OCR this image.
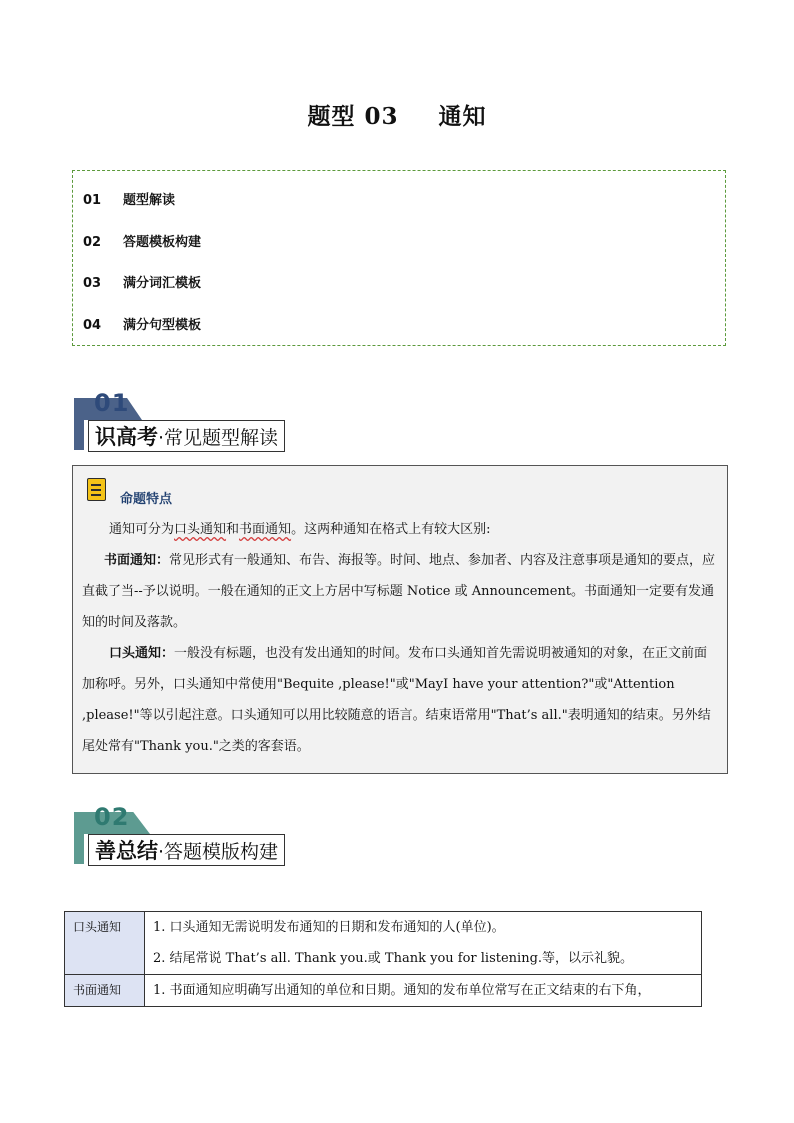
题型 03 通知
01 题型解读
02 答题模板构建
03 满分词汇模板
04 满分句型模板
01
识高考 ·常见题型解读
命题特点
通知可分为口头通知和书面通知。这两种通知在格式上有较大区别:
书面通知：常见形式有一般通知、布告、海报等。时间、地点、参加者、内容及注意事项是通知的要点，应直截了当--予以说明。一般在通知的正文上方居中写标题 Notice 或 Announcement。书面通知一定要有发通知的时间及落款。
口头通知：一般没有标题，也没有发出通知的时间。发布口头通知首先需说明被通知的对象，在正文前面加称呼。另外，口头通知中常使用"Bequite ,please!"或"MayI have your attention?"或"Attention ,please!"等以引起注意。口头通知可以用比较随意的语言。结束语常用"That’s all."表明通知的结束。另外结尾处常有"Thank you."之类的客套语。
02
善总结 ·答题模版构建
口头通知	1. 口头通知无需说明发布通知的日期和发布通知的人(单位)。
2. 结尾常说 That’s all. Thank you.或 Thank you for listening.等，以示礼貌。

书面通知	1. 书面通知应明确写出通知的单位和日期。通知的发布单位常写在正文结束的右下角，
